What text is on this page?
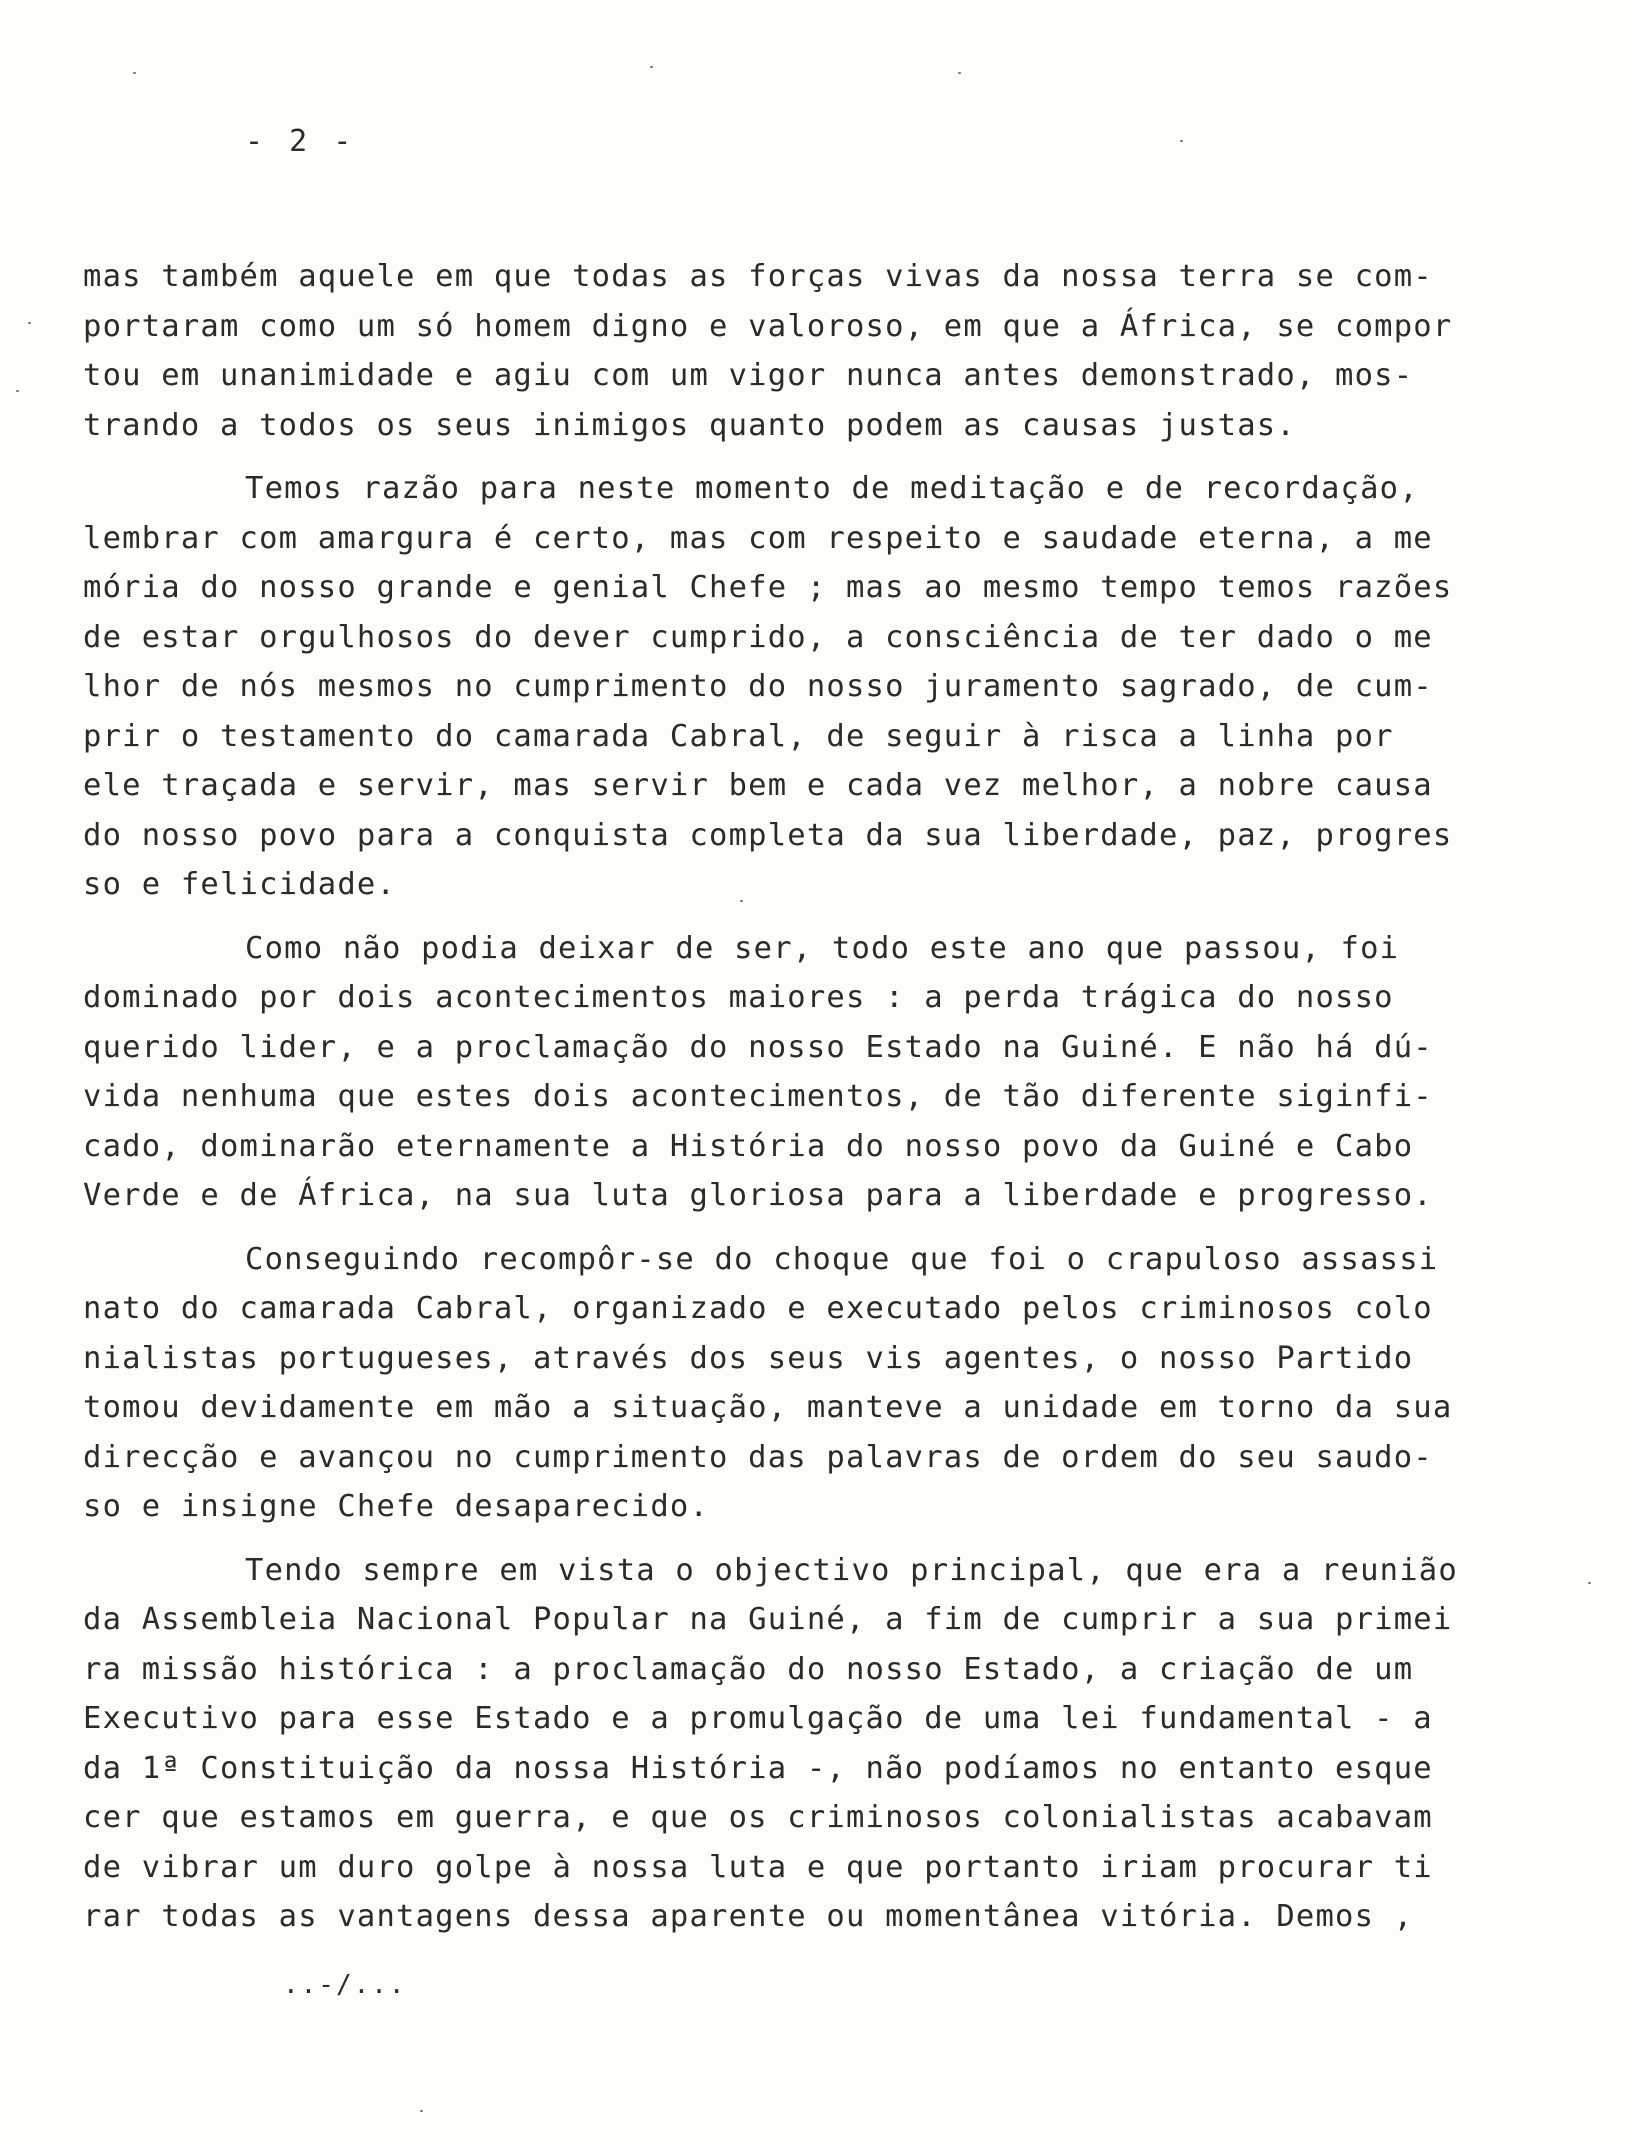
- 2 -
mas também aquele em que todas as forças vivas da nossa terra se com-
portaram como um só homem digno e valoroso, em que a África, se compor
tou em unanimidade e agiu com um vigor nunca antes demonstrado, mos-
trando a todos os seus inimigos quanto podem as causas justas.
Temos razão para neste momento de meditação e de recordação,
lembrar com amargura é certo, mas com respeito e saudade eterna, a me
mória do nosso grande e genial Chefe ; mas ao mesmo tempo temos razões
de estar orgulhosos do dever cumprido, a consciência de ter dado o me
lhor de nós mesmos no cumprimento do nosso juramento sagrado, de cum-
prir o testamento do camarada Cabral, de seguir à risca a linha por
ele traçada e servir, mas servir bem e cada vez melhor, a nobre causa
do nosso povo para a conquista completa da sua liberdade, paz, progres
so e felicidade.
Como não podia deixar de ser, todo este ano que passou, foi
dominado por dois acontecimentos maiores : a perda trágica do nosso
querido lider, e a proclamação do nosso Estado na Guiné. E não há dú-
vida nenhuma que estes dois acontecimentos, de tão diferente siginfi-
cado, dominarão eternamente a História do nosso povo da Guiné e Cabo
Verde e de África, na sua luta gloriosa para a liberdade e progresso.
Conseguindo recompôr-se do choque que foi o crapuloso assassi
nato do camarada Cabral, organizado e executado pelos criminosos colo
nialistas portugueses, através dos seus vis agentes, o nosso Partido
tomou devidamente em mão a situação, manteve a unidade em torno da sua
direcção e avançou no cumprimento das palavras de ordem do seu saudo-
so e insigne Chefe desaparecido.
Tendo sempre em vista o objectivo principal, que era a reunião
da Assembleia Nacional Popular na Guiné, a fim de cumprir a sua primei
ra missão histórica : a proclamação do nosso Estado, a criação de um
Executivo para esse Estado e a promulgação de uma lei fundamental - a
da 1ª Constituição da nossa História -, não podíamos no entanto esque
cer que estamos em guerra, e que os criminosos colonialistas acabavam
de vibrar um duro golpe à nossa luta e que portanto iriam procurar ti
rar todas as vantagens dessa aparente ou momentânea vitória. Demos ,
..-/...
